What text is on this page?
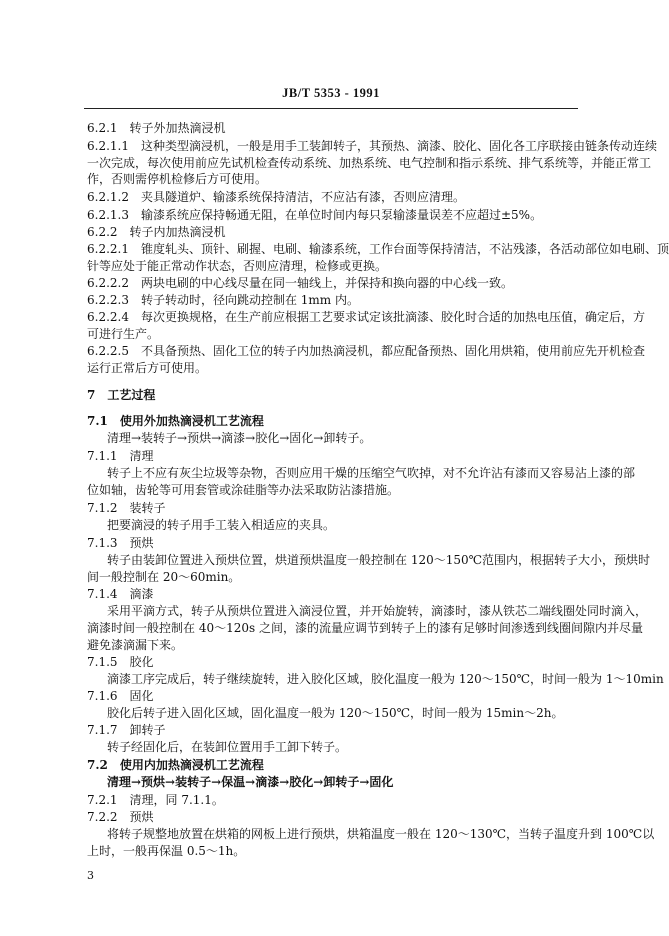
JB/T 5353 - 1991
6.2.1　转子外加热滴浸机
6.2.1.1　这种类型滴浸机，一般是用手工装卸转子，其预热、滴漆、胶化、固化各工序联接由链条传动连续
一次完成，每次使用前应先试机检查传动系统、加热系统、电气控制和指示系统、排气系统等，并能正常工
作，否则需停机检修后方可使用。
6.2.1.2　夹具隧道炉、输漆系统保持清洁，不应沾有漆，否则应清理。
6.2.1.3　输漆系统应保持畅通无阻，在单位时间内每只泵输漆量误差不应超过±5%。
6.2.2　转子内加热滴浸机
6.2.2.1　锥度轧头、顶针、刷握、电刷、输漆系统，工作台面等保持清洁，不沾残漆，各活动部位如电刷、顶
针等应处于能正常动作状态，否则应清理，检修或更换。
6.2.2.2　两块电刷的中心线尽量在同一轴线上，并保持和换向器的中心线一致。
6.2.2.3　转子转动时，径向跳动控制在 1mm 内。
6.2.2.4　每次更换规格，在生产前应根据工艺要求试定该批滴漆、胶化时合适的加热电压值，确定后，方
可进行生产。
6.2.2.5　不具备预热、固化工位的转子内加热滴浸机，都应配备预热、固化用烘箱，使用前应先开机检查
运行正常后方可使用。
7　工艺过程
7.1　使用外加热滴浸机工艺流程
清理→装转子→预烘→滴漆→胶化→固化→卸转子。
7.1.1　清理
转子上不应有灰尘垃圾等杂物，否则应用干燥的压缩空气吹掉，对不允许沾有漆而又容易沾上漆的部
位如轴，齿轮等可用套管或涂硅脂等办法采取防沾漆措施。
7.1.2　装转子
把要滴浸的转子用手工装入相适应的夹具。
7.1.3　预烘
转子由装卸位置进入预烘位置，烘道预烘温度一般控制在 120～150℃范围内，根据转子大小，预烘时
间一般控制在 20～60min。
7.1.4　滴漆
采用平滴方式，转子从预烘位置进入滴浸位置，并开始旋转，滴漆时，漆从铁芯二端线圈处同时滴入，
滴漆时间一般控制在 40～120s 之间，漆的流量应调节到转子上的漆有足够时间渗透到线圈间隙内并尽量
避免漆滴漏下来。
7.1.5　胶化
滴漆工序完成后，转子继续旋转，进入胶化区域，胶化温度一般为 120～150℃，时间一般为 1～10min
7.1.6　固化
胶化后转子进入固化区域，固化温度一般为 120～150℃，时间一般为 15min～2h。
7.1.7　卸转子
转子经固化后，在装卸位置用手工卸下转子。
7.2　使用内加热滴浸机工艺流程
清理→预烘→装转子→保温→滴漆→胶化→卸转子→固化
7.2.1　清理，同 7.1.1。
7.2.2　预烘
将转子规整地放置在烘箱的网板上进行预烘，烘箱温度一般在 120～130℃，当转子温度升到 100℃以
上时，一般再保温 0.5～1h。
3
